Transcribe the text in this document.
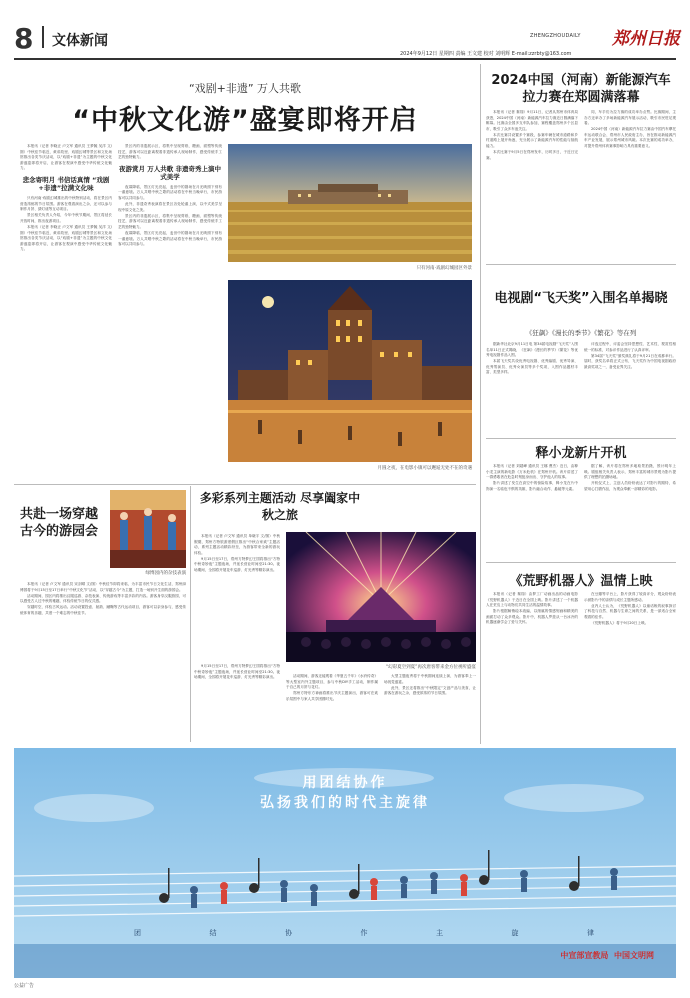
8 文体新闻	ZHENGZHOUDAILY 郑州日报
2024年9月12日 星期四 责编 王文建 校对 刘明辉 E-mail:zzrbty@163.com
“戏剧+非遗” 万人共歌
“中秋文化游”盛宴即将开启

本报讯（记者 李晓正 卢文军 通讯员 王梦毓 吴洋 文/图）中秋佳节临近，黄帝故里、戏剧幻城等景区和文化场馆推出各类节庆活动，以“戏剧+非遗”为主题的中秋文化游盛宴即将开启，让游客在观演中感受中华传统文化魅力。

悲念寄明月 书信话真情 “戏剧+非遗”拉满文化味

只有河南·戏剧幻城推出的中秋特别活动，将在景区内营造浓郁的节日氛围。游客在观看演出之余，还可以参与制作月饼、猜灯谜等互动项目。

景区相关负责人介绍，今年中秋节期间，景区将延长开放时间，推出夜游项目。

本报讯（记者 李晓正 卢文军 通讯员 王梦毓 吴洋 文/图）中秋佳节临近，黄帝故里、戏剧幻城等景区和文化场馆推出各类节庆活动，以“戏剧+非遗”为主题的中秋文化游盛宴即将开启，让游客在观演中感受中华传统文化魅力。

景区内的非遗展示区，将集中呈现剪纸、糖画、面塑等传统技艺，游客可以近距离观看非遗传承人现场制作，感受传统手工艺的独特魅力。

夜游赏月 万人共歌 非遗奇秀上演中式美学

夜幕降临，景区灯光亮起，麦田中的剧场在月光映照下别有一番意境。万人共唱中秋之歌的活动将在中秋当晚举行，市民游客可以共同参与。

此外，非遗奇秀表演将在景区各处轮番上演，以中式美学呈现中原文化之美。

景区内的非遗展示区，将集中呈现剪纸、糖画、面塑等传统技艺，游客可以近距离观看非遗传承人现场制作，感受传统手工艺的独特魅力。

夜幕降临，景区灯光亮起，麦田中的剧场在月光映照下别有一番意境。万人共唱中秋之歌的活动将在中秋当晚举行，市民游客可以共同参与。

只有河南·戏剧幻城园区外景
月圆之夜，在电影小镇可以邂逅无处不在的奇遇
2024中国（河南）新能源汽车拉力赛在郑圆满落幕

本报讯（记者 秦翔）9月11日，记者从郑州市体育局获悉，2024中国（河南）新能源汽车拉力赛近日圆满落下帷幕。比赛由全国多支车队参加，赛程覆盖郑州多个区县市，吸引了众多车迷关注。

本次比赛共设置多个赛段，参赛车辆在城市道路和乡村道路上展开角逐，充分展示了新能源汽车的性能与续航能力。

本次比赛于9月5日在郑州发车，历时多日，于近日完赛。

同，车手们为拉力赛的成功举办点赞。比赛期间，主办方还举办了多场新能源汽车展示活动，吸引市民驻足观看。

2024中国（河南）新能源汽车拉力赛由中国汽车摩托车运动联合会、郑州市人民政府主办，旨在推动新能源汽车产业发展，展示郑州城市风貌。本次比赛的成功举办，对提升郑州体育赛事影响力具有重要意义。

电视剧“飞天奖”入围名单揭晓
《狂飙》《漫长的季节》《繁花》等在列

据新华社北京9月11日电 第34届电视剧“飞天奖”入围名单11日正式揭晓，《狂飙》《漫长的季节》《繁花》等优秀电视剧作品入围。

本届飞天奖共设优秀电视剧、优秀编剧、优秀导演、优秀男演员、优秀女演员等多个奖项，入围作品题材丰富、类型多样。

评选过程中，评委会坚持思想性、艺术性、观赏性相统一的标准，对参评作品进行了认真评审。

第34届“飞天奖”颁奖典礼将于9月21日在成都举行。届时，获奖名单将正式公布，飞天奖作为中国电视剧政府最高奖项之一，备受业界关注。

释小龙新片开机

本报讯（记者 刘超峰 通讯员 王娜 曹杰）近日，由释小龙主演的新电影《万米危机》在郑州开机。该片讲述了一群勇敢者在危急时刻挺身而出、守护他人的故事。

影片讲述了发生在高空中的惊险故事，释小龙在片中饰演一名临危不惧的英雄，影片融合动作、悬疑等元素。

据了解，该片将在郑州多地取景拍摄，预计明年上映。剧组相关负责人表示，郑州丰富的城市景观为影片提供了理想的拍摄场地。

开机仪式上，主创人员纷纷表达了对影片的期待，希望用心打磨作品，为观众奉献一部精彩的电影。

《荒野机器人》温情上映

本报讯（记者 秦翔）由梦工厂动画出品的动画电影《荒野机器人》于近日在全国上映。影片讲述了一个机器人在荒岛上与动物们共同生活的温情故事。

影片根据畅销绘本改编，以细腻的情感刻画和精美的画面打动了众多观众。影片中，机器人罗兹从一台冰冷的机器逐渐学会了爱与关怀。

在豆瓣等平台上，影片获得了较高评分，观众纷纷表示被影片中的亲情与成长主题所感动。

业内人士认为，《荒野机器人》以童话般的叙事探讨了科技与自然、机器与生命之间的关系，是一部适合全家观看的佳作。

《荒野机器人》将于9月20日上映。

共赴一场穿越古今的游园会
绿博园内的杂技表演

本报讯（记者 卢文军 通讯员 宋剑晴 文/图）中秋佳节即将来临，为丰富市民节日文化生活，郑州绿博园将于9月15日至17日举行“中秋文化节”活动，以“穿越古今”为主题，打造一场别开生面的游园会。

活动期间，园区内将推出汉服巡游、杂技表演、传统游戏等丰富多彩的内容。游客身穿汉服游园，可以感受古人过中秋的雅趣，体验传统节日的仪式感。

穿越时空，体验古风运动。活动设置投壶、射箭、蹴鞠等古代运动项目，游客可以亲身参与，感受传统体育的乐趣，共度一个难忘的中秋佳节。

多彩系列主题活动 尽享阖家中秋之旅

本报讯（记者 卢文军 通讯员 单晓宇 文/图）中秋假期，郑州方特旅游度假区推出“中秋合家欢”主题活动，系列主题活动精彩纷呈，为游客带来全新的游玩体验。

9月15日至17日，郑州方特梦幻王国将推出“方特中秋奇妙夜”主题夜场，并延长营业时间至21:30。夜场期间，全园将开展花车巡游、灯光秀等精彩演出。

“幻彩夏空到夏”再次唐客带来金方位视听盛宴

9月15日至17日，郑州方特梦幻王国将推出“方特中秋奇妙夜”主题夜场，并延长营业时间至21:30。夜场期间，全园将开展花车巡游、灯光秀等精彩演出。	活动期间，游客还能观看《华夏五千年》《水浒传奇》等大型室内外主题项目，参与中秋DIY手工活动，制作属于自己的月饼与花灯。

郑州方特东方神画将推出节庆主题演出，游客可在欢乐氛围中与家人共享团圆时光。

大型主题夜秀将于中秋期间连续上演，为游客奉上一场视觉盛宴。

此外，景区还将推出“中秋限定”文创产品与美食，让游客在游玩之余，感受浓浓的节日氛围。

用团结协作
弘扬我们的时代主旋律
团	结	协	作	主	旋	律
中宣部宣教局  中国文明网
公益广告
